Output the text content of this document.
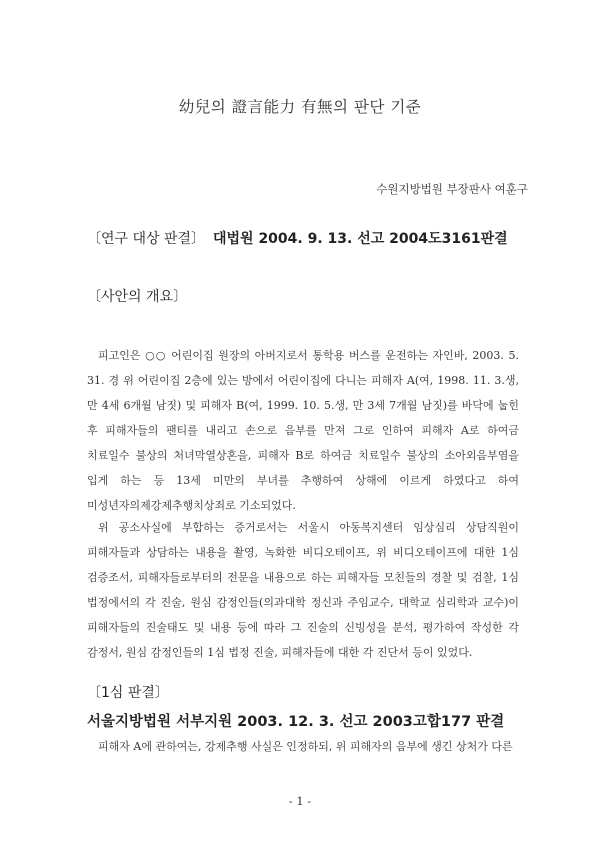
幼兒의 證言能力 有無의 판단 기준
수원지방법원 부장판사 여훈구
〔연구 대상 판결〕 대법원 2004. 9. 13. 선고 2004도3161판결
〔사안의 개요〕

피고인은 ○○ 어린이집 원장의 아버지로서 통학용 버스를 운전하는 자인바, 2003. 5. 31. 경 위 어린이집 2층에 있는 방에서 어린이집에 다니는 피해자 A(여, 1998. 11. 3.생, 만 4세 6개월 남짓) 및 피해자 B(여, 1999. 10. 5.생, 만 3세 7개월 남짓)를 바닥에 눕힌 후 피해자들의 팬티를 내리고 손으로 음부를 만져 그로 인하여 피해자 A로 하여금 치료일수 불상의 처녀막열상혼을, 피해자 B로 하여금 치료일수 불상의 소아외음부염을 입게 하는 등 13세 미만의 부녀를 추행하여 상해에 이르게 하였다고 하여 미성년자의제강제추행치상죄로 기소되었다.

위 공소사실에 부합하는 증거로서는 서울시 아동복지센터 임상심리 상담직원이 피해자들과 상담하는 내용을 촬영, 녹화한 비디오테이프, 위 비디오테이프에 대한 1심 검증조서, 피해자들로부터의 전문을 내용으로 하는 피해자들 모친들의 경찰 및 검찰, 1심 법정에서의 각 진술, 원심 감정인들(의과대학 정신과 주임교수, 대학교 심리학과 교수)이 피해자들의 진술태도 및 내용 등에 따라 그 진술의 신빙성을 분석, 평가하여 작성한 각 감정서, 원심 감정인들의 1심 법정 진술, 피해자들에 대한 각 진단서 등이 있었다.

〔1심 판결〕
서울지방법원 서부지원 2003. 12. 3. 선고 2003고합177 판결

피해자 A에 관하여는, 강제추행 사실은 인정하되, 위 피해자의 음부에 생긴 상처가 다른

- 1 -
